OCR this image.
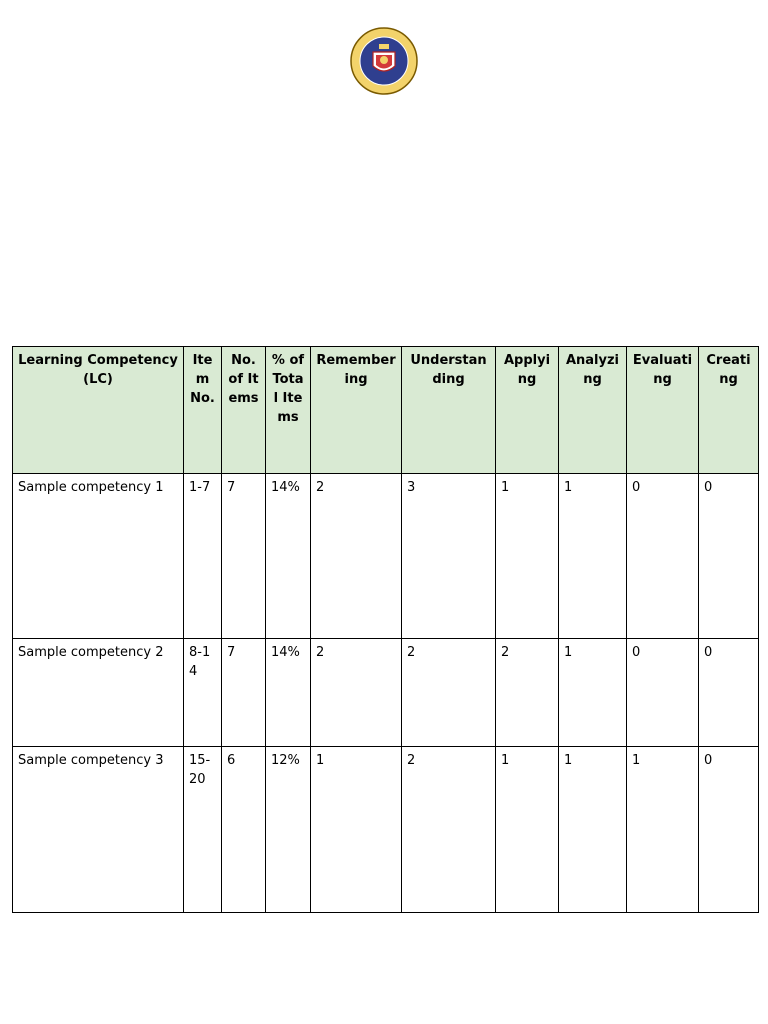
Learning Competency (LC)	Item No.	No. of Items	% of Total Items	Remembering	Understanding	Applying	Analyzing	Evaluating	Creating
Sample competency 1	1-7	7	14%	2	3	1	1	0	0
Sample competency 2	8-14	7	14%	2	2	2	1	0	0
Sample competency 3	15-20	6	12%	1	2	1	1	1	0
